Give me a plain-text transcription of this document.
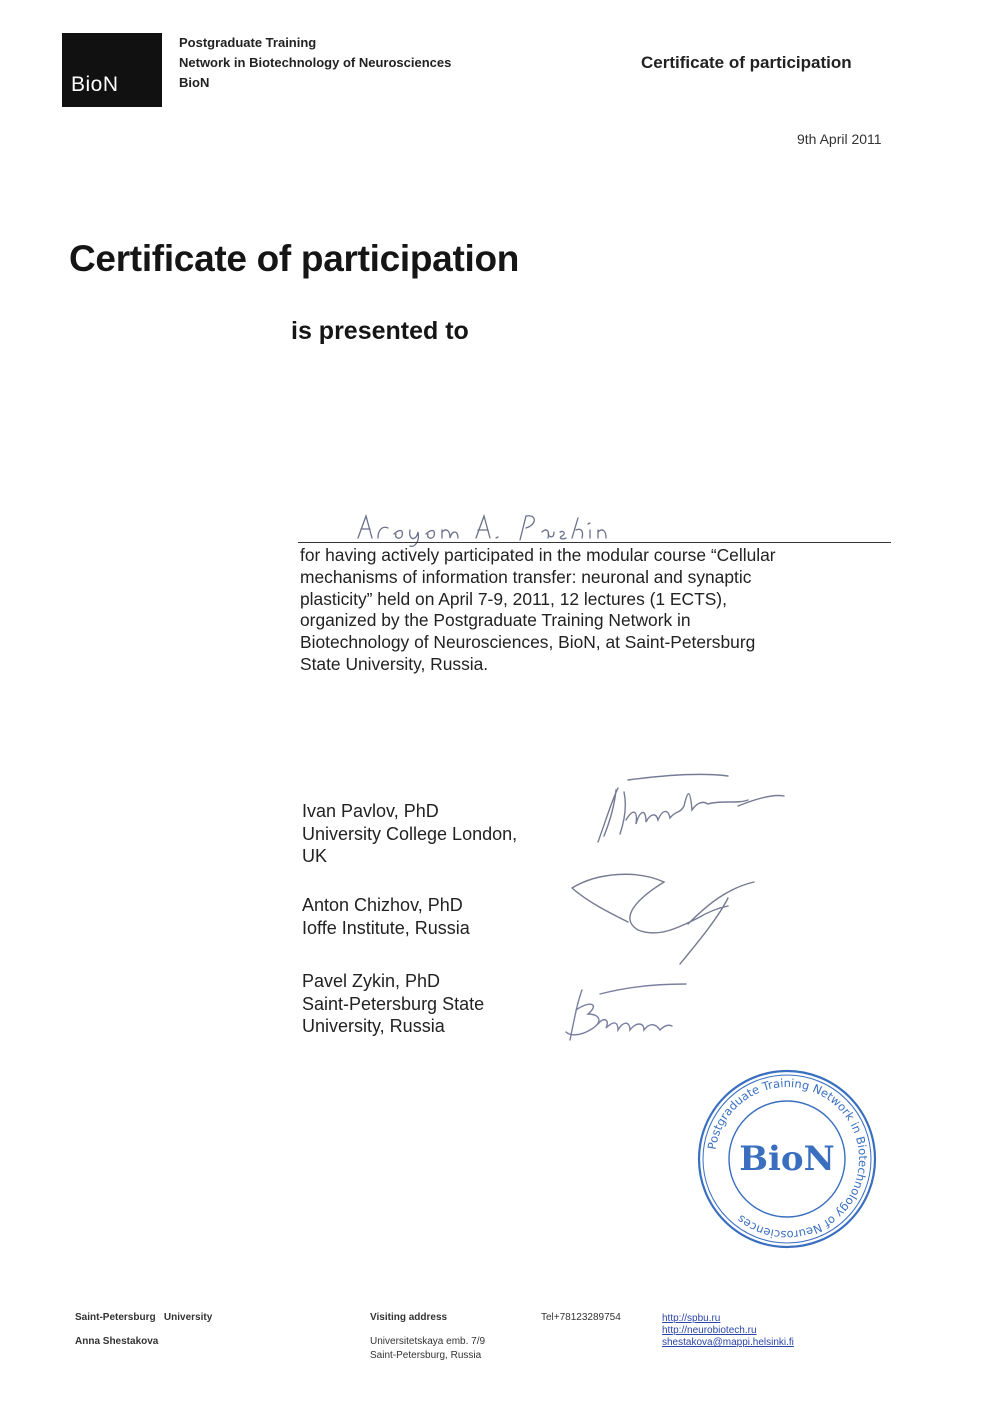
BioN
Postgraduate Training
Network in Biotechnology of Neurosciences
BioN
Certificate of participation
9th April 2011
Certificate of participation
is presented to
for having actively participated in the modular course “Cellular
mechanisms of information transfer: neuronal and synaptic
plasticity” held on April 7-9, 2011, 12 lectures (1 ECTS),
organized by the Postgraduate Training Network in
Biotechnology of Neurosciences, BioN, at Saint-Petersburg
State University, Russia.
Ivan Pavlov, PhD
University College London,
UK
Anton Chizhov, PhD
Ioffe Institute, Russia
Pavel Zykin, PhD
Saint-Petersburg State
University, Russia
Postgraduate Training Network in Biotechnology of Neurosciences
BioN
Saint-Petersburg   University
Anna Shestakova
Visiting address
Universitetskaya emb. 7/9
Saint-Petersburg, Russia
Tel+78123289754	http://spbu.ru
http://neurobiotech.ru
shestakova@mappi.helsinki.fi
